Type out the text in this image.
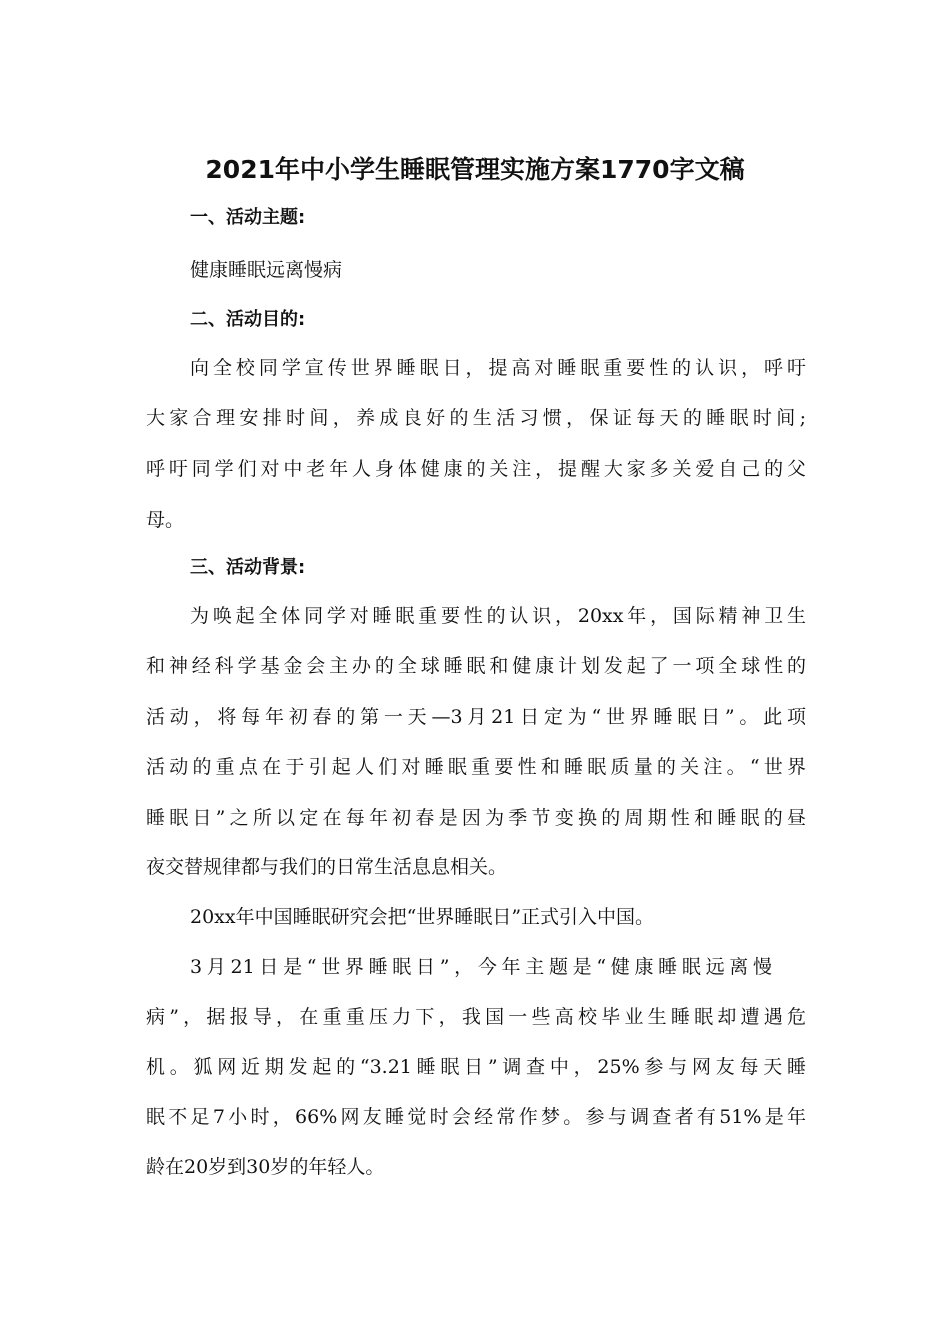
2021年中小学生睡眠管理实施方案1770字文稿
一、活动主题:
健康睡眠远离慢病
二、活动目的:
向全校同学宣传世界睡眠日，提高对睡眠重要性的认识，呼吁
大家合理安排时间，养成良好的生活习惯，保证每天的睡眠时间;
呼吁同学们对中老年人身体健康的关注，提醒大家多关爱自己的父
母。
三、活动背景:
为唤起全体同学对睡眠重要性的认识，20xx年，国际精神卫生
和神经科学基金会主办的全球睡眠和健康计划发起了一项全球性的
活动，将每年初春的第一天—3月21日定为“世界睡眠日”。此项
活动的重点在于引起人们对睡眠重要性和睡眠质量的关注。“世界
睡眠日”之所以定在每年初春是因为季节变换的周期性和睡眠的昼
夜交替规律都与我们的日常生活息息相关。
20xx年中国睡眠研究会把“世界睡眠日”正式引入中国。
3月21日是“世界睡眠日”，今年主题是“健康睡眠远离慢
病”，据报导，在重重压力下，我国一些高校毕业生睡眠却遭遇危
机。狐网近期发起的“3.21睡眠日”调查中，25%参与网友每天睡
眠不足7小时，66%网友睡觉时会经常作梦。参与调查者有51%是年
龄在20岁到30岁的年轻人。
